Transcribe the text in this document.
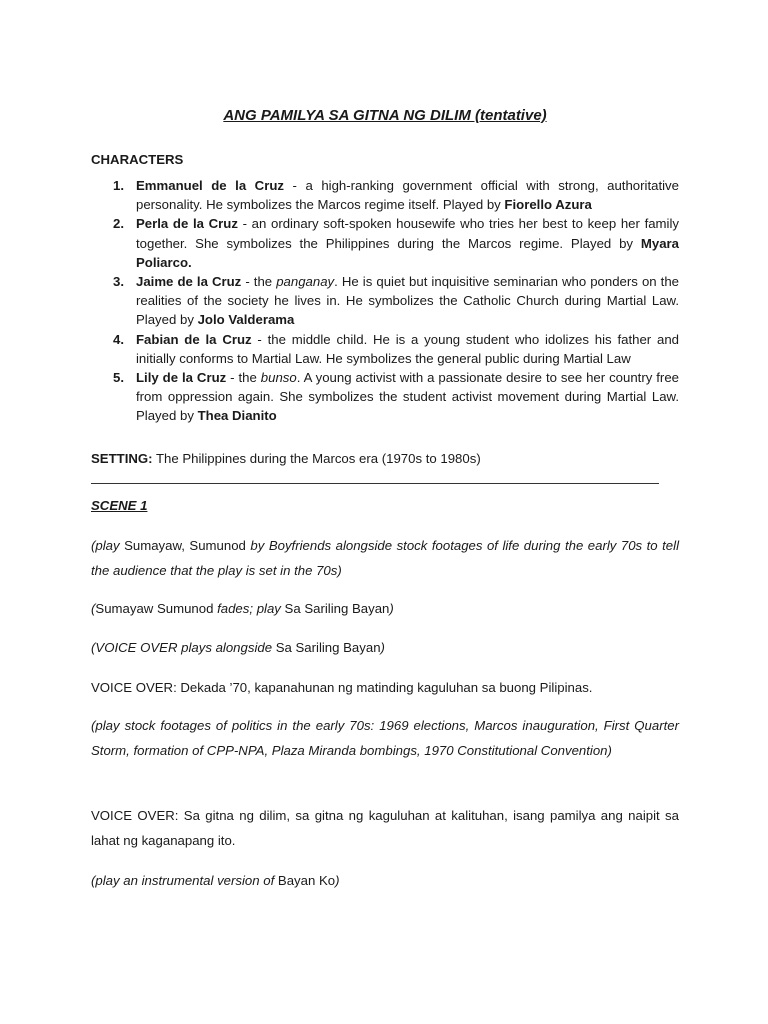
ANG PAMILYA SA GITNA NG DILIM (tentative)
CHARACTERS
1. Emmanuel de la Cruz - a high-ranking government official with strong, authoritative personality. He symbolizes the Marcos regime itself. Played by Fiorello Azura
2. Perla de la Cruz - an ordinary soft-spoken housewife who tries her best to keep her family together. She symbolizes the Philippines during the Marcos regime. Played by Myara Poliarco.
3. Jaime de la Cruz - the panganay. He is quiet but inquisitive seminarian who ponders on the realities of the society he lives in. He symbolizes the Catholic Church during Martial Law. Played by Jolo Valderama
4. Fabian de la Cruz - the middle child. He is a young student who idolizes his father and initially conforms to Martial Law. He symbolizes the general public during Martial Law
5. Lily de la Cruz - the bunso. A young activist with a passionate desire to see her country free from oppression again. She symbolizes the student activist movement during Martial Law. Played by Thea Dianito
SETTING: The Philippines during the Marcos era (1970s to 1980s)
SCENE 1
(play Sumayaw, Sumunod by Boyfriends alongside stock footages of life during the early 70s to tell the audience that the play is set in the 70s)
(Sumayaw Sumunod fades; play Sa Sariling Bayan)
(VOICE OVER plays alongside Sa Sariling Bayan)
VOICE OVER: Dekada ’70, kapanahunan ng matinding kaguluhan sa buong Pilipinas.
(play stock footages of politics in the early 70s: 1969 elections, Marcos inauguration, First Quarter Storm, formation of CPP-NPA, Plaza Miranda bombings, 1970 Constitutional Convention)
VOICE OVER: Sa gitna ng dilim, sa gitna ng kaguluhan at kalituhan, isang pamilya ang naipit sa lahat ng kaganapang ito.
(play an instrumental version of Bayan Ko)
